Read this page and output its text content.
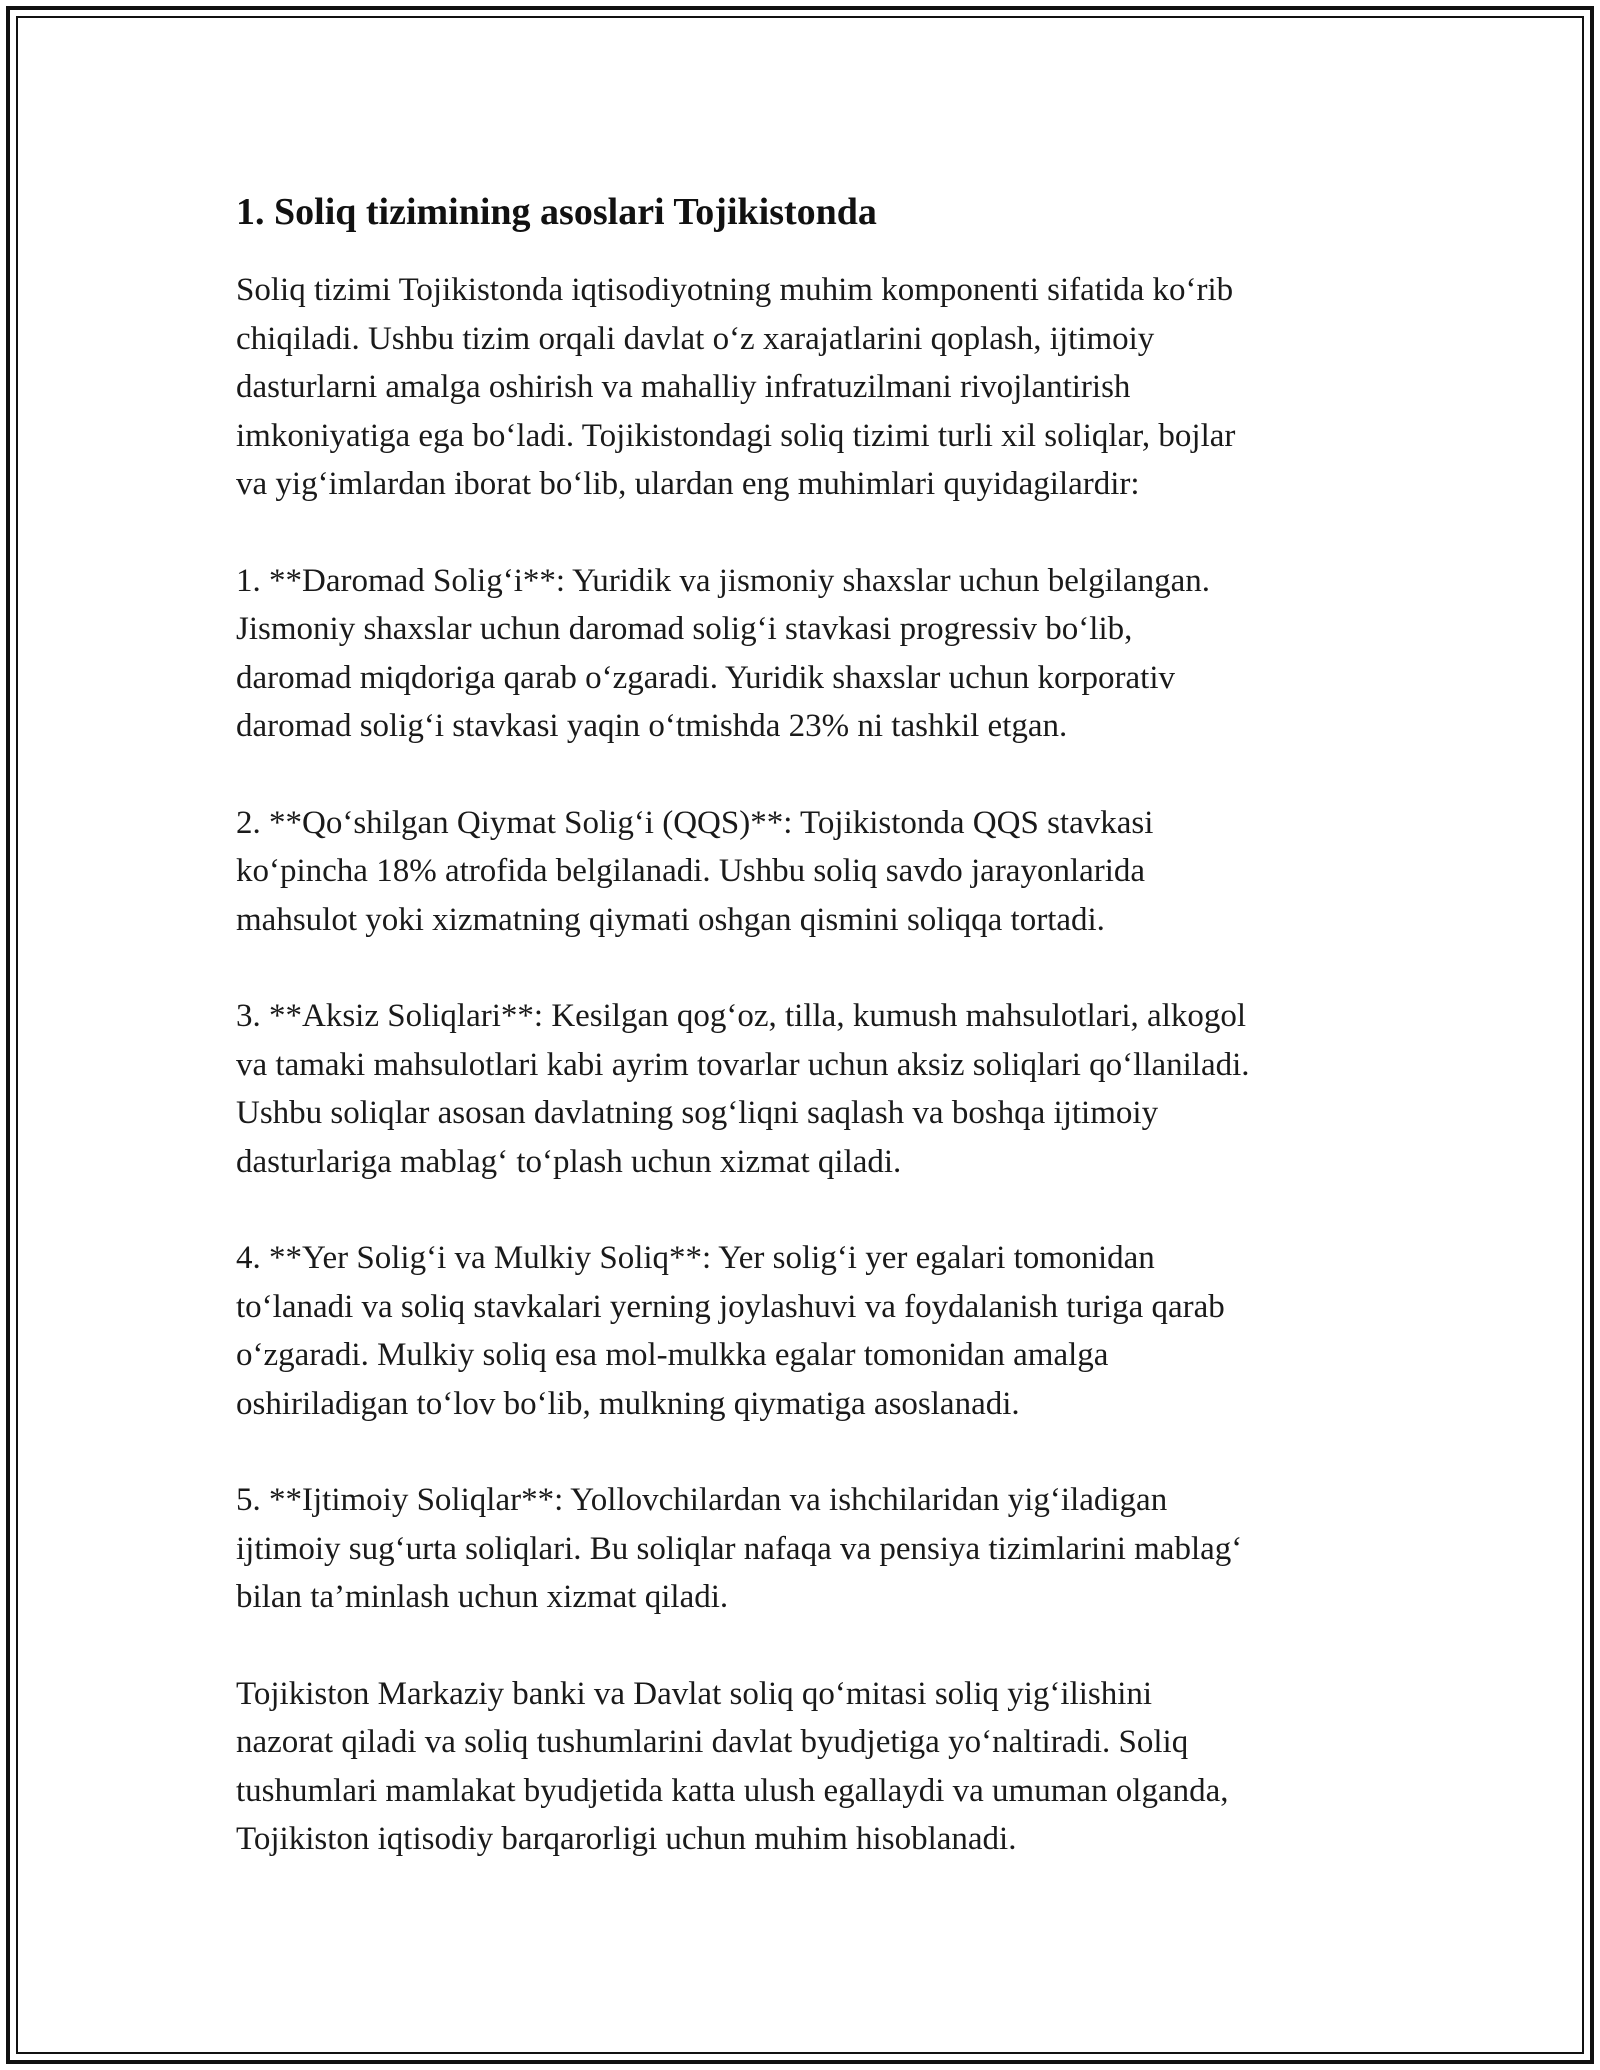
1. Soliq tizimining asoslari Tojikistonda
Soliq tizimi Tojikistonda iqtisodiyotning muhim komponenti sifatida ko‘rib
chiqiladi. Ushbu tizim orqali davlat o‘z xarajatlarini qoplash, ijtimoiy
dasturlarni amalga oshirish va mahalliy infratuzilmani rivojlantirish
imkoniyatiga ega bo‘ladi. Tojikistondagi soliq tizimi turli xil soliqlar, bojlar
va yig‘imlardan iborat bo‘lib, ulardan eng muhimlari quyidagilardir:
1. **Daromad Solig‘i**: Yuridik va jismoniy shaxslar uchun belgilangan.
Jismoniy shaxslar uchun daromad solig‘i stavkasi progressiv bo‘lib,
daromad miqdoriga qarab o‘zgaradi. Yuridik shaxslar uchun korporativ
daromad solig‘i stavkasi yaqin o‘tmishda 23% ni tashkil etgan.
2. **Qo‘shilgan Qiymat Solig‘i (QQS)**: Tojikistonda QQS stavkasi
ko‘pincha 18% atrofida belgilanadi. Ushbu soliq savdo jarayonlarida
mahsulot yoki xizmatning qiymati oshgan qismini soliqqa tortadi.
3. **Aksiz Soliqlari**: Kesilgan qog‘oz, tilla, kumush mahsulotlari, alkogol
va tamaki mahsulotlari kabi ayrim tovarlar uchun aksiz soliqlari qo‘llaniladi.
Ushbu soliqlar asosan davlatning sog‘liqni saqlash va boshqa ijtimoiy
dasturlariga mablag‘ to‘plash uchun xizmat qiladi.
4. **Yer Solig‘i va Mulkiy Soliq**: Yer solig‘i yer egalari tomonidan
to‘lanadi va soliq stavkalari yerning joylashuvi va foydalanish turiga qarab
o‘zgaradi. Mulkiy soliq esa mol-mulkka egalar tomonidan amalga
oshiriladigan to‘lov bo‘lib, mulkning qiymatiga asoslanadi.
5. **Ijtimoiy Soliqlar**: Yollovchilardan va ishchilaridan yig‘iladigan
ijtimoiy sug‘urta soliqlari. Bu soliqlar nafaqa va pensiya tizimlarini mablag‘
bilan ta’minlash uchun xizmat qiladi.
Tojikiston Markaziy banki va Davlat soliq qo‘mitasi soliq yig‘ilishini
nazorat qiladi va soliq tushumlarini davlat byudjetiga yo‘naltiradi. Soliq
tushumlari mamlakat byudjetida katta ulush egallaydi va umuman olganda,
Tojikiston iqtisodiy barqarorligi uchun muhim hisoblanadi.
